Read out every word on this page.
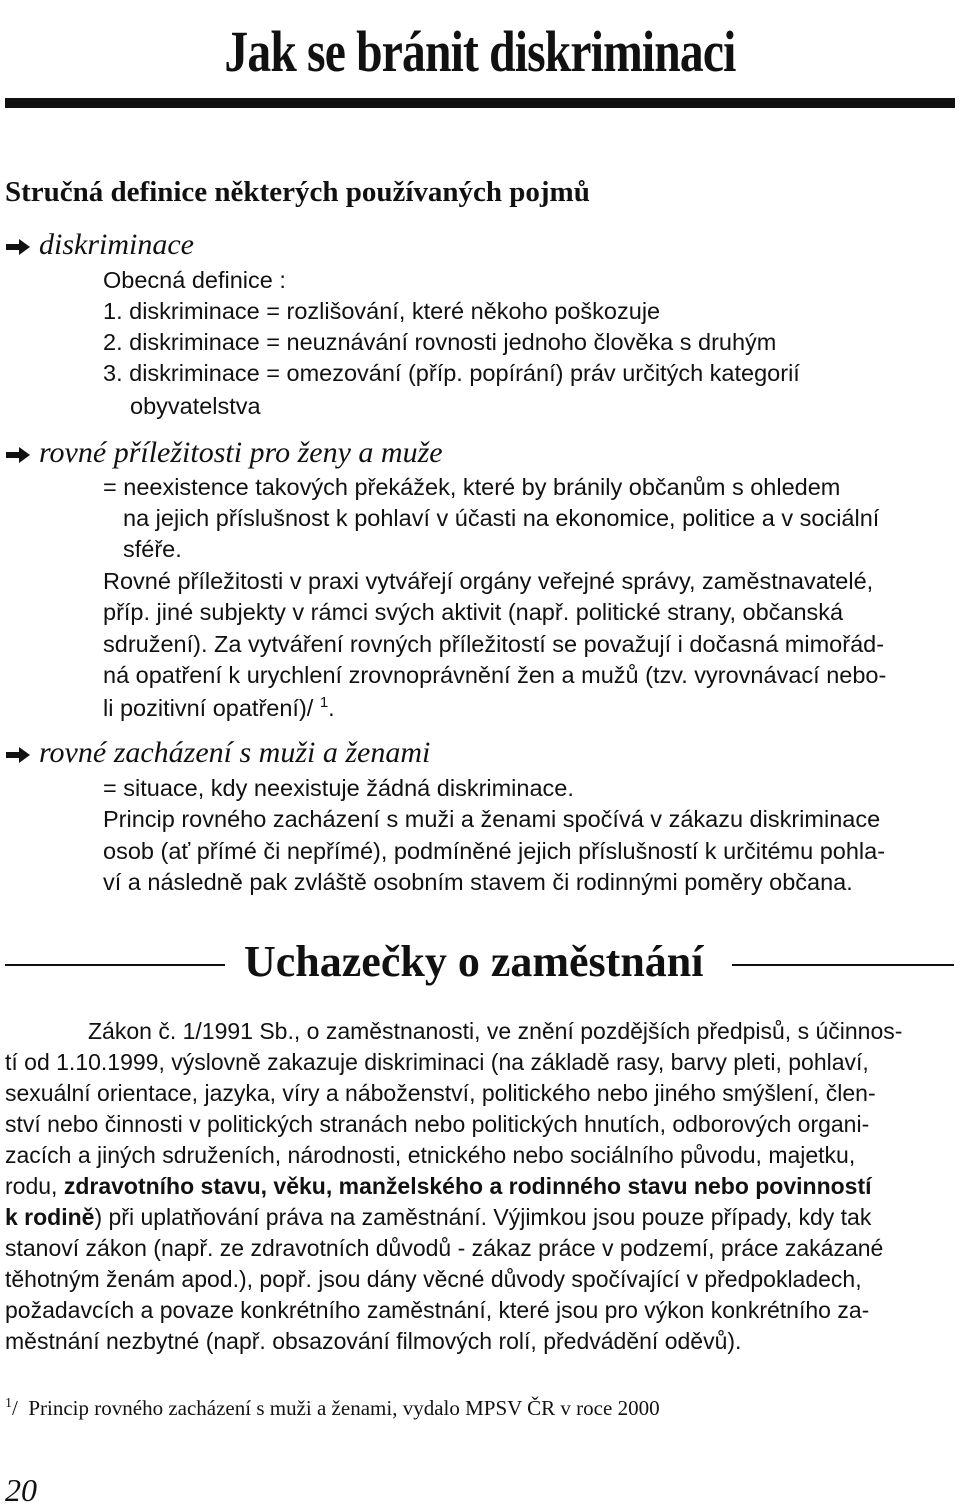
Jak se bránit diskriminaci
Stručná definice některých používaných pojmů
diskriminace
Obecná definice :
1. diskriminace = rozlišování, které někoho poškozuje
2. diskriminace = neuznávání rovnosti jednoho člověka s druhým
3. diskriminace = omezování (příp. popírání) práv určitých kategorií
obyvatelstva
rovné příležitosti pro ženy a muže
= neexistence takových překážek, které by bránily občanům s ohledem
na jejich příslušnost k pohlaví v účasti na ekonomice, politice a v sociální
sféře.
Rovné příležitosti v praxi vytvářejí orgány veřejné správy, zaměstnavatelé,
příp. jiné subjekty v rámci svých aktivit (např. politické strany, občanská
sdružení). Za vytváření rovných příležitostí se považují i dočasná mimořád-
ná opatření k urychlení zrovnoprávnění žen a mužů (tzv. vyrovnávací nebo-
li pozitivní opatření)/ $^1$.
rovné zacházení s muži a ženami
= situace, kdy neexistuje žádná diskriminace.
Princip rovného zacházení s muži a ženami spočívá v zákazu diskriminace
osob (ať přímé či nepřímé), podmíněné jejich příslušností k určitému pohla-
ví a následně pak zvláště osobním stavem či rodinnými poměry občana.
Uchazečky o zaměstnání
Zákon č. 1/1991 Sb., o zaměstnanosti, ve znění pozdějších předpisů, s účinnos-
tí od 1.10.1999, výslovně zakazuje diskriminaci (na základě rasy, barvy pleti, pohlaví,
sexuální orientace, jazyka, víry a náboženství, politického nebo jiného smýšlení, člen-
ství nebo činnosti v politických stranách nebo politických hnutích, odborových organi-
zacích a jiných sdruženích, národnosti, etnického nebo sociálního původu, majetku,
rodu, zdravotního stavu, věku, manželského a rodinného stavu nebo povinností
k rodině) při uplatňování práva na zaměstnání. Výjimkou jsou pouze případy, kdy tak
stanoví zákon (např. ze zdravotních důvodů - zákaz práce v podzemí, práce zakázané
těhotným ženám apod.), popř. jsou dány věcné důvody spočívající v předpokladech,
požadavcích a povaze konkrétního zaměstnání, které jsou pro výkon konkrétního za-
městnání nezbytné (např. obsazování filmových rolí, předvádění oděvů).
$^1$/ Princip rovného zacházení s muži a ženami, vydalo MPSV ČR v roce 2000
20
